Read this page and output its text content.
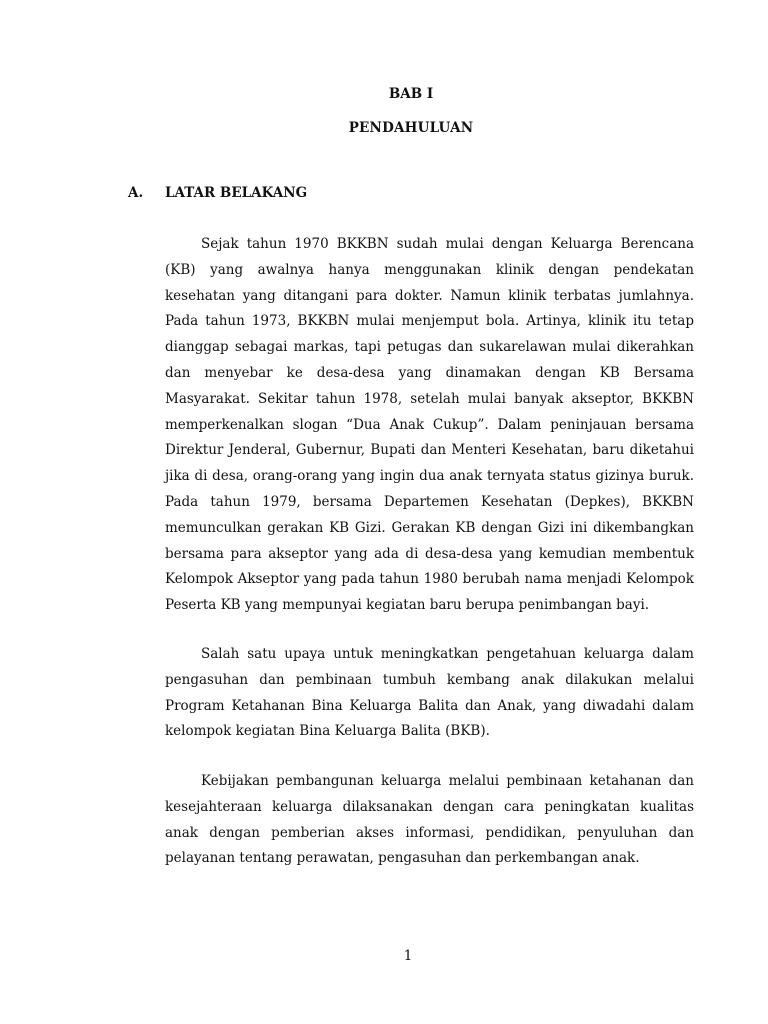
BAB I
PENDAHULUAN
A. LATAR BELAKANG

Sejak tahun 1970 BKKBN sudah mulai dengan Keluarga Berencana (KB) yang awalnya hanya menggunakan klinik dengan pendekatan kesehatan yang ditangani para dokter. Namun klinik terbatas jumlahnya. Pada tahun 1973, BKKBN mulai menjemput bola. Artinya, klinik itu tetap dianggap sebagai markas, tapi petugas dan sukarelawan mulai dikerahkan dan menyebar ke desa-desa yang dinamakan dengan KB Bersama Masyarakat. Sekitar tahun 1978, setelah mulai banyak akseptor, BKKBN memperkenalkan slogan “Dua Anak Cukup”. Dalam peninjauan bersama Direktur Jenderal, Gubernur, Bupati dan Menteri Kesehatan, baru diketahui jika di desa, orang-orang yang ingin dua anak ternyata status gizinya buruk. Pada tahun 1979, bersama Departemen Kesehatan (Depkes), BKKBN memunculkan gerakan KB Gizi. Gerakan KB dengan Gizi ini dikembangkan bersama para akseptor yang ada di desa-desa yang kemudian membentuk Kelompok Akseptor yang pada tahun 1980 berubah nama menjadi Kelompok Peserta KB yang mempunyai kegiatan baru berupa penimbangan bayi.

Salah satu upaya untuk meningkatkan pengetahuan keluarga dalam pengasuhan dan pembinaan tumbuh kembang anak dilakukan melalui Program Ketahanan Bina Keluarga Balita dan Anak, yang diwadahi dalam kelompok kegiatan Bina Keluarga Balita (BKB).

Kebijakan pembangunan keluarga melalui pembinaan ketahanan dan kesejahteraan keluarga dilaksanakan dengan cara peningkatan kualitas anak dengan pemberian akses informasi, pendidikan, penyuluhan dan pelayanan tentang perawatan, pengasuhan dan perkembangan anak.

1
